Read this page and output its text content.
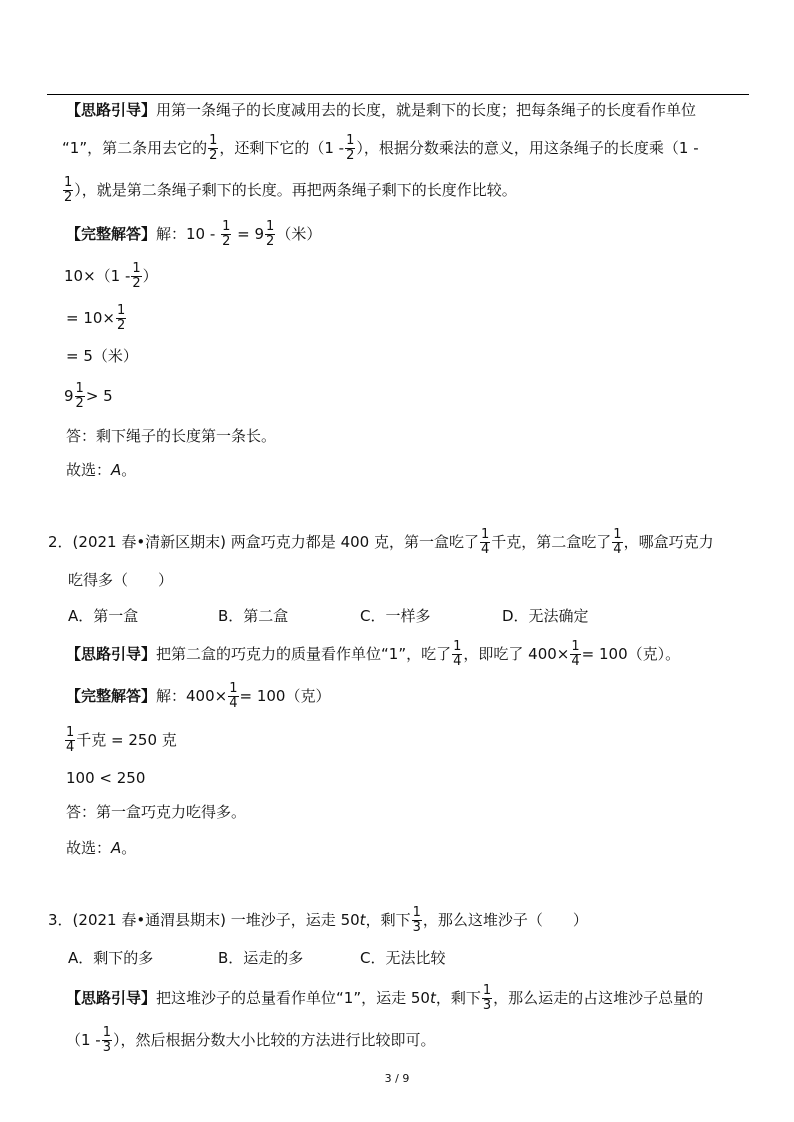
【思路引导】用第一条绳子的长度减用去的长度，就是剩下的长度；把每条绳子的长度看作单位
“1”，第二条用去它的 $\frac{1}{2}$ ，还剩下它的（$1 - \frac{1}{2}$ ），根据分数乘法的意义，用这条绳子的长度乘（1 -
$\frac{1}{2}$ ），就是第二条绳子剩下的长度。再把两条绳子剩下的长度作比较。
【完整解答】解：$10 - \frac{1}{2} = 9 \frac{1}{2}$ （米）
$10\times(1 - \frac{1}{2}$ ）
= $10\times \frac{1}{2}$
= 5（米）
$9 \frac{1}{2} > 5$
答：剩下绳子的长度第一条长。
故选：A。
2．(2021 春•清新区期末) 两盒巧克力都是 400 克，第一盒吃了 $\frac{1}{4}$ 千克，第二盒吃了 $\frac{1}{4}$ ，哪盒巧克力
吃得多（　　）
A．第一盒	B．第二盒	C．一样多	D．无法确定
【思路引导】把第二盒的巧克力的质量看作单位“1”，吃了 $\frac{1}{4}$ ，即吃了 $400\times \frac{1}{4} = 100$（克）。
【完整解答】解：$400\times \frac{1}{4} = 100$（克）
$\frac{1}{4}$ 千克 = 250 克
100 < 250
答：第一盒巧克力吃得多。
故选：A。
3．(2021 春•通渭县期末) 一堆沙子，运走 50t，剩下 $\frac{1}{3}$ ，那么这堆沙子（　　）
A．剩下的多	B．运走的多	C．无法比较
【思路引导】把这堆沙子的总量看作单位“1”，运走 50t，剩下 $\frac{1}{3}$ ，那么运走的占这堆沙子总量的
（$1 - \frac{1}{3}$ ），然后根据分数大小比较的方法进行比较即可。
3 / 9
